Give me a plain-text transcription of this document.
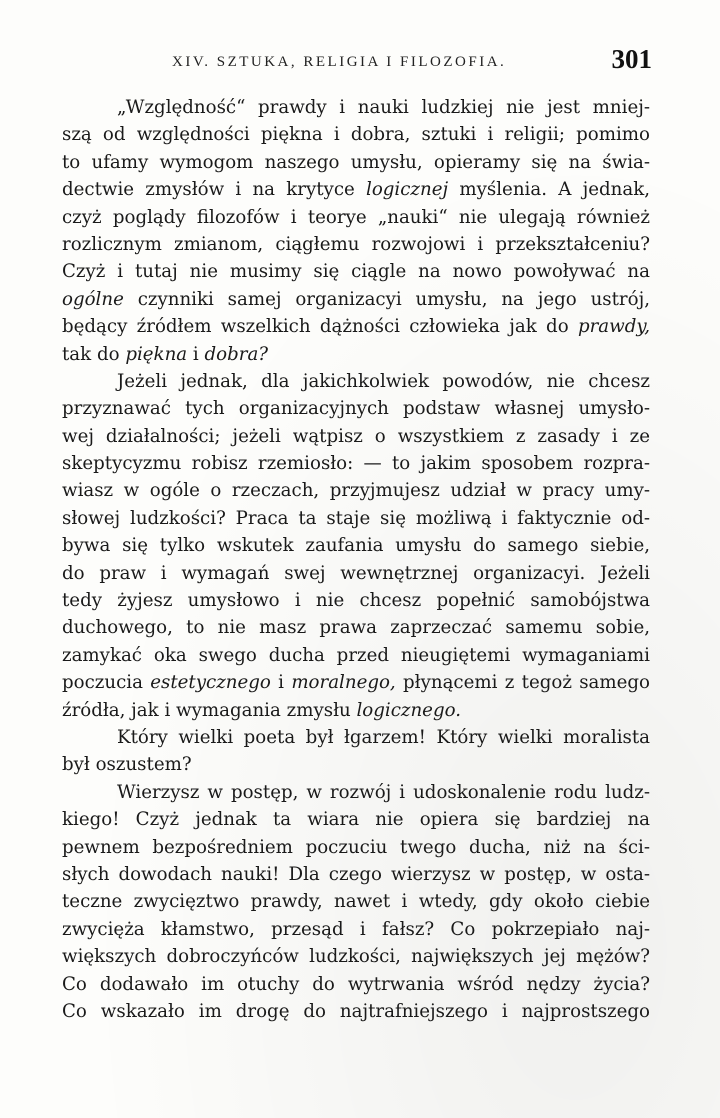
XIV. SZTUKA, RELIGIA I FILOZOFIA.	301
„Względność“ prawdy i nauki ludzkiej nie jest mniej-
szą od względności piękna i dobra, sztuki i religii; pomimo
to ufamy wymogom naszego umysłu, opieramy się na świa-
dectwie zmysłów i na krytyce logicznej myślenia. A jednak,
czyż poglądy filozofów i teorye „nauki“ nie ulegają również
rozlicznym zmianom, ciągłemu rozwojowi i przekształceniu?
Czyż i tutaj nie musimy się ciągle na nowo powoływać na
ogólne czynniki samej organizacyi umysłu, na jego ustrój,
będący źródłem wszelkich dążności człowieka jak do prawdy,
tak do piękna i dobra?
Jeżeli jednak, dla jakichkolwiek powodów, nie chcesz
przyznawać tych organizacyjnych podstaw własnej umysło-
wej działalności; jeżeli wątpisz o wszystkiem z zasady i ze
skeptycyzmu robisz rzemiosło: — to jakim sposobem rozpra-
wiasz w ogóle o rzeczach, przyjmujesz udział w pracy umy-
słowej ludzkości? Praca ta staje się możliwą i faktycznie od-
bywa się tylko wskutek zaufania umysłu do samego siebie,
do praw i wymagań swej wewnętrznej organizacyi. Jeżeli
tedy żyjesz umysłowo i nie chcesz popełnić samobójstwa
duchowego, to nie masz prawa zaprzeczać samemu sobie,
zamykać oka swego ducha przed nieugiętemi wymaganiami
poczucia estetycznego i moralnego, płynącemi z tegoż samego
źródła, jak i wymagania zmysłu logicznego.
Który wielki poeta był łgarzem! Który wielki moralista
był oszustem?
Wierzysz w postęp, w rozwój i udoskonalenie rodu ludz-
kiego! Czyż jednak ta wiara nie opiera się bardziej na
pewnem bezpośredniem poczuciu twego ducha, niż na ści-
słych dowodach nauki! Dla czego wierzysz w postęp, w osta-
teczne zwycięztwo prawdy, nawet i wtedy, gdy około ciebie
zwycięża kłamstwo, przesąd i fałsz? Co pokrzepiało naj-
większych dobroczyńców ludzkości, największych jej mężów?
Co dodawało im otuchy do wytrwania wśród nędzy życia?
Co wskazało im drogę do najtrafniejszego i najprostszego
